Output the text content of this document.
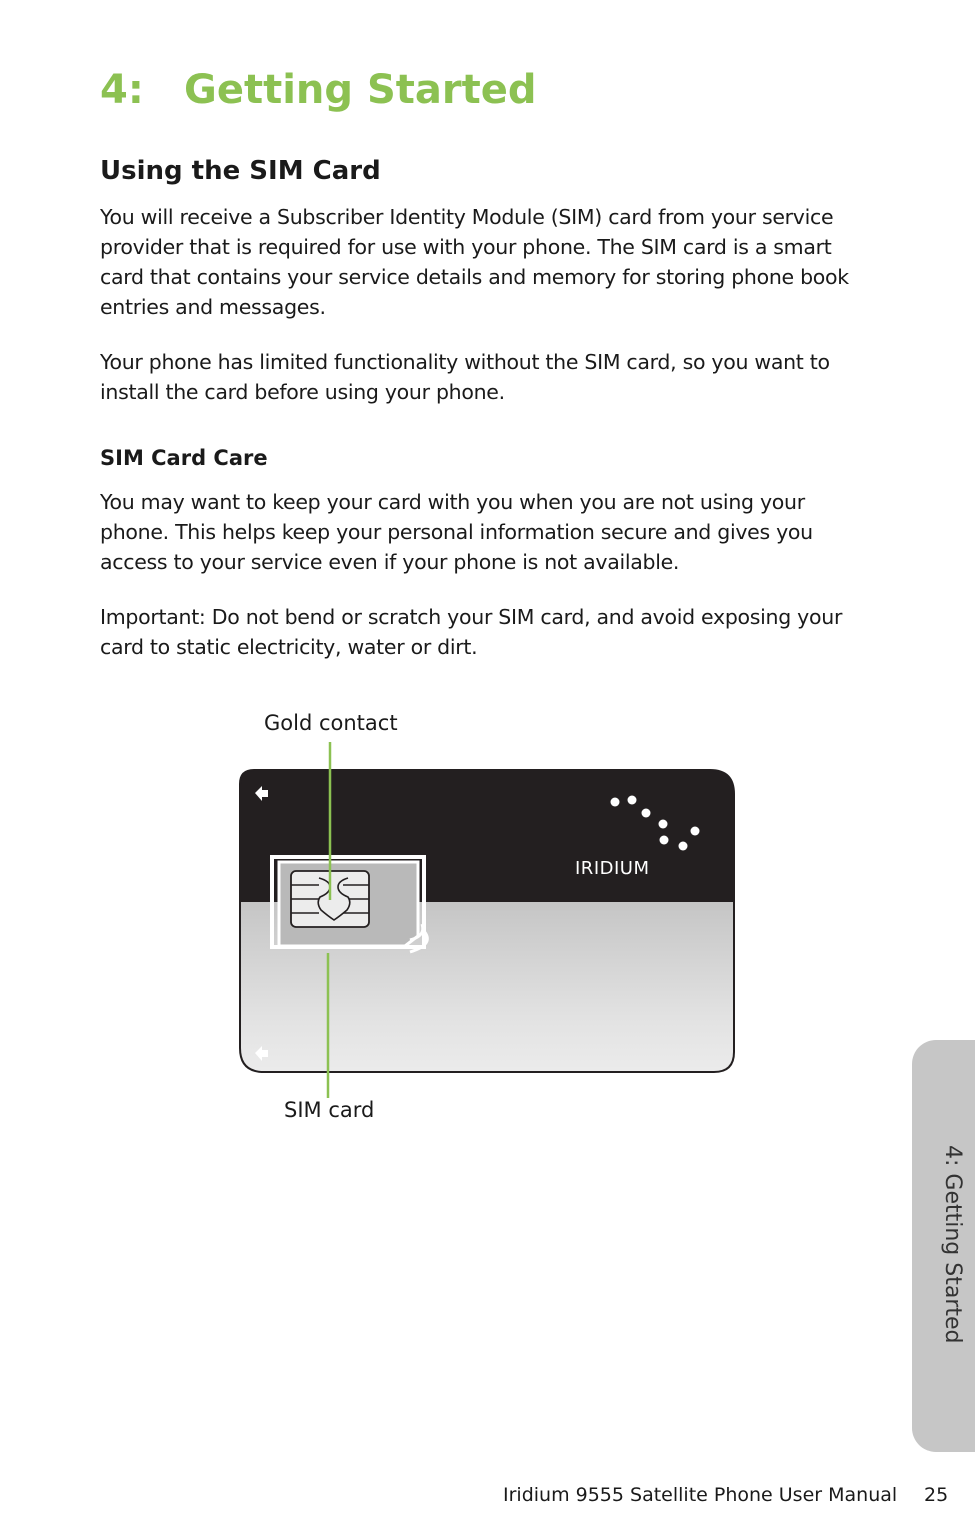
4: Getting Started
Using the SIM Card

You will receive a Subscriber Identity Module (SIM) card from your service provider that is required for use with your phone. The SIM card is a smart card that contains your service details and memory for storing phone book entries and messages.

Your phone has limited functionality without the SIM card, so you want to install the card before using your phone.

SIM Card Care

You may want to keep your card with you when you are not using your phone. This helps keep your personal information secure and gives you access to your service even if your phone is not available.

Important: Do not bend or scratch your SIM card, and avoid exposing your card to static electricity, water or dirt.

Gold contact
SIM card
IRIDIUM
4: Getting Started
Iridium 9555 Satellite Phone User Manual 25
